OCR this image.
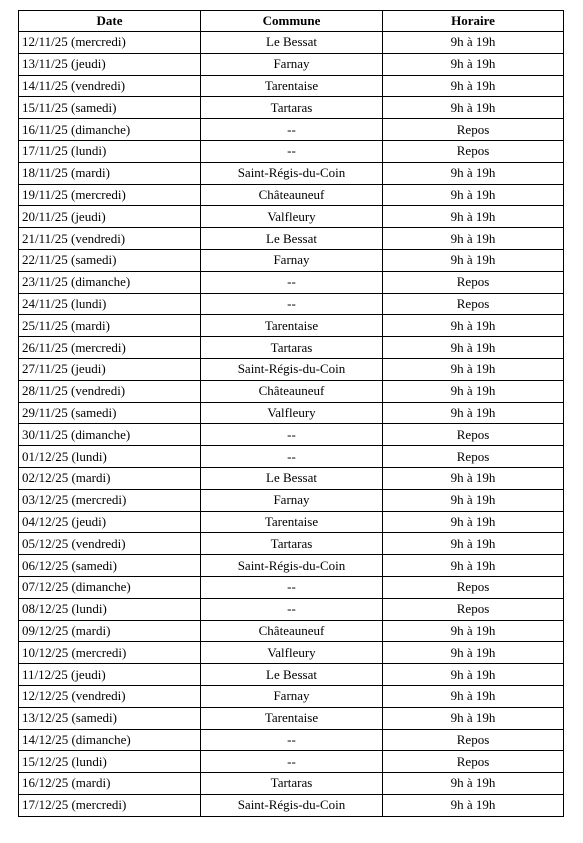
Date	Commune	Horaire
12/11/25 (mercredi)	Le Bessat	9h à 19h
13/11/25 (jeudi)	Farnay	9h à 19h
14/11/25 (vendredi)	Tarentaise	9h à 19h
15/11/25 (samedi)	Tartaras	9h à 19h
16/11/25 (dimanche)	--	Repos
17/11/25 (lundi)	--	Repos
18/11/25 (mardi)	Saint-Régis-du-Coin	9h à 19h
19/11/25 (mercredi)	Châteauneuf	9h à 19h
20/11/25 (jeudi)	Valfleury	9h à 19h
21/11/25 (vendredi)	Le Bessat	9h à 19h
22/11/25 (samedi)	Farnay	9h à 19h
23/11/25 (dimanche)	--	Repos
24/11/25 (lundi)	--	Repos
25/11/25 (mardi)	Tarentaise	9h à 19h
26/11/25 (mercredi)	Tartaras	9h à 19h
27/11/25 (jeudi)	Saint-Régis-du-Coin	9h à 19h
28/11/25 (vendredi)	Châteauneuf	9h à 19h
29/11/25 (samedi)	Valfleury	9h à 19h
30/11/25 (dimanche)	--	Repos
01/12/25 (lundi)	--	Repos
02/12/25 (mardi)	Le Bessat	9h à 19h
03/12/25 (mercredi)	Farnay	9h à 19h
04/12/25 (jeudi)	Tarentaise	9h à 19h
05/12/25 (vendredi)	Tartaras	9h à 19h
06/12/25 (samedi)	Saint-Régis-du-Coin	9h à 19h
07/12/25 (dimanche)	--	Repos
08/12/25 (lundi)	--	Repos
09/12/25 (mardi)	Châteauneuf	9h à 19h
10/12/25 (mercredi)	Valfleury	9h à 19h
11/12/25 (jeudi)	Le Bessat	9h à 19h
12/12/25 (vendredi)	Farnay	9h à 19h
13/12/25 (samedi)	Tarentaise	9h à 19h
14/12/25 (dimanche)	--	Repos
15/12/25 (lundi)	--	Repos
16/12/25 (mardi)	Tartaras	9h à 19h
17/12/25 (mercredi)	Saint-Régis-du-Coin	9h à 19h
